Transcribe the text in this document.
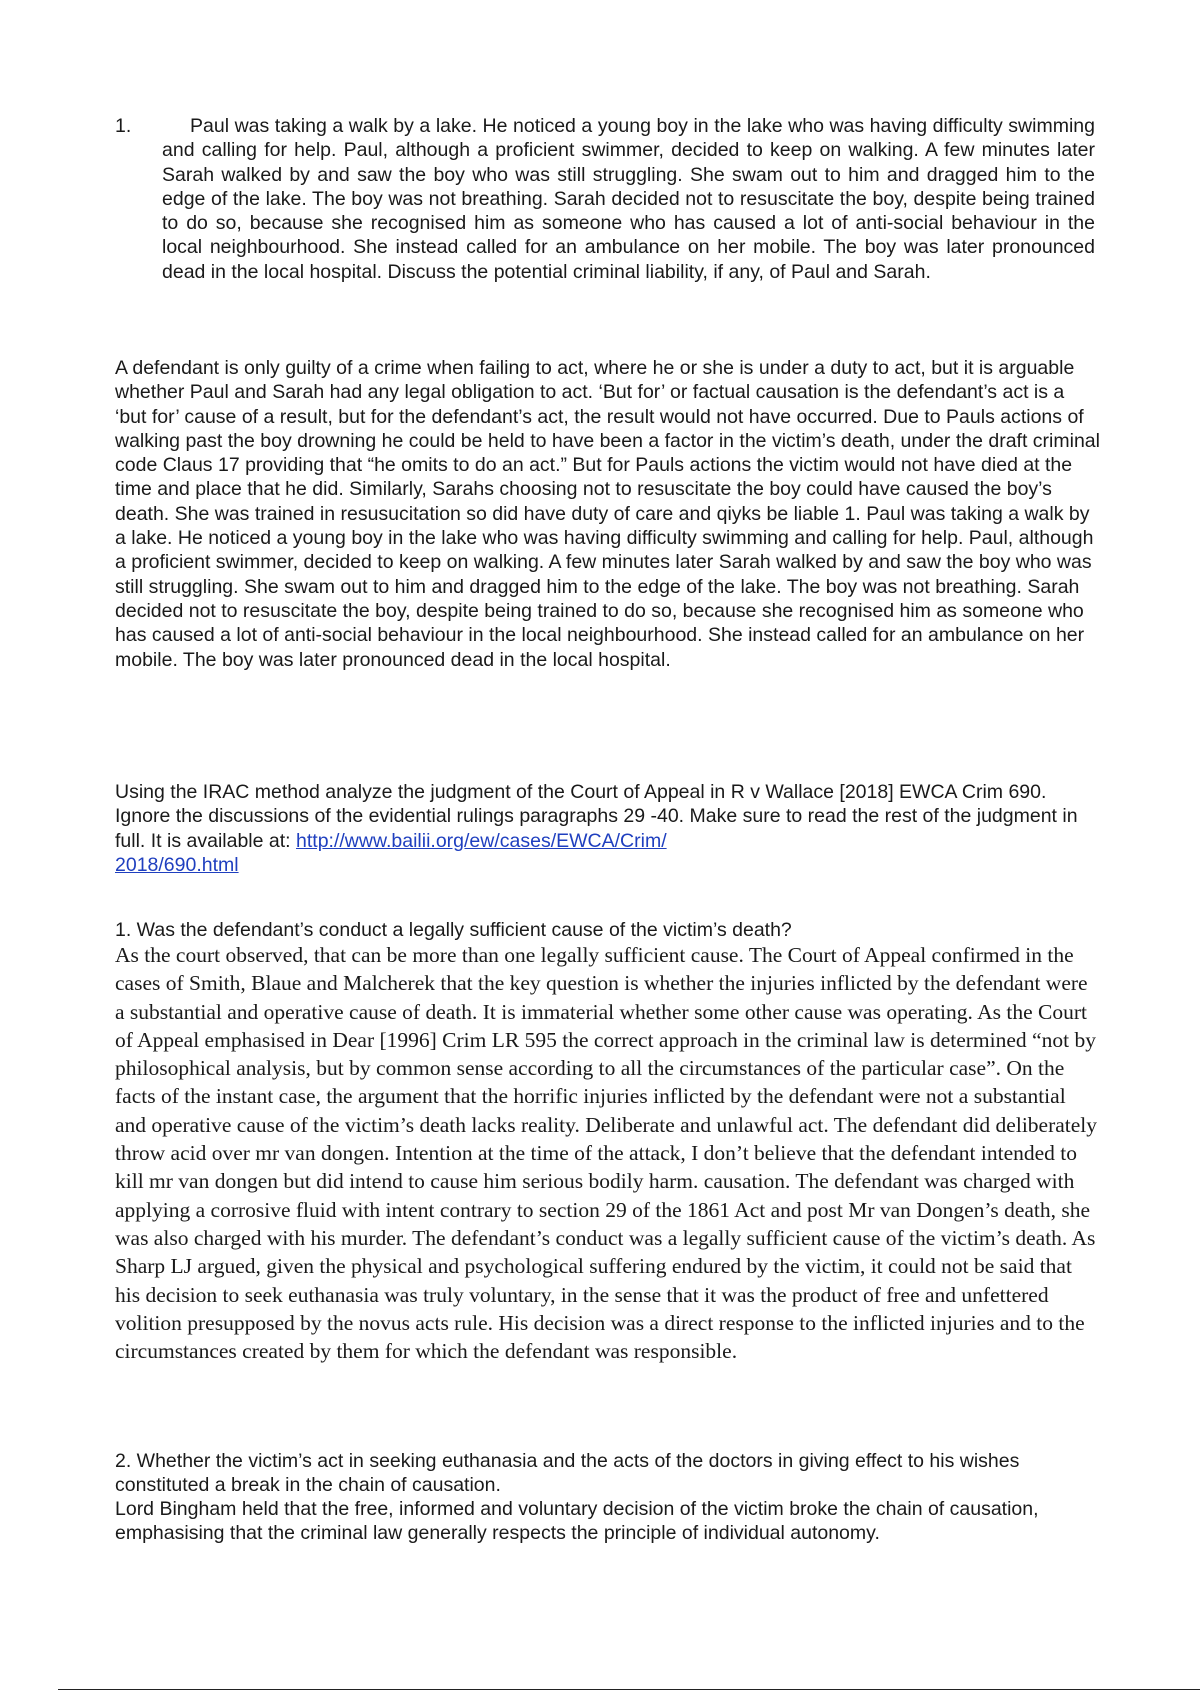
1.	Paul was taking a walk by a lake. He noticed a young boy in the lake who was having difficulty swimming and calling for help. Paul, although a proficient swimmer, decided to keep on walking. A few minutes later Sarah walked by and saw the boy who was still struggling. She swam out to him and dragged him to the edge of the lake. The boy was not breathing. Sarah decided not to resuscitate the boy, despite being trained to do so, because she recognised him as someone who has caused a lot of anti-social behaviour in the local neighbourhood. She instead called for an ambulance on her mobile. The boy was later pronounced dead in the local hospital. Discuss the potential criminal liability, if any, of Paul and Sarah.

A defendant is only guilty of a crime when failing to act, where he or she is under a duty to act, but it is arguable whether Paul and Sarah had any legal obligation to act. ‘But for’ or factual causation is the defendant’s act is a ‘but for’ cause of a result, but for the defendant’s act, the result would not have occurred. Due to Pauls actions of walking past the boy drowning he could be held to have been a factor in the victim’s death, under the draft criminal code Claus 17 providing that “he omits to do an act.” But for Pauls actions the victim would not have died at the time and place that he did. Similarly, Sarahs choosing not to resuscitate the boy could have caused the boy’s death. She was trained in resusucitation so did have duty of care and qiyks be liable 1. Paul was taking a walk by a lake. He noticed a young boy in the lake who was having difficulty swimming and calling for help. Paul, although a proficient swimmer, decided to keep on walking. A few minutes later Sarah walked by and saw the boy who was still struggling. She swam out to him and dragged him to the edge of the lake. The boy was not breathing. Sarah decided not to resuscitate the boy, despite being trained to do so, because she recognised him as someone who has caused a lot of anti-social behaviour in the local neighbourhood. She instead called for an ambulance on her mobile. The boy was later pronounced dead in the local hospital.

Using the IRAC method analyze the judgment of the Court of Appeal in R v Wallace [2018] EWCA Crim 690. Ignore the discussions of the evidential rulings paragraphs 29 -40. Make sure to read the rest of the judgment in full. It is available at: http://www.bailii.org/ew/cases/EWCA/Crim/
2018/690.html

1. Was the defendant’s conduct a legally sufficient cause of the victim’s death?

As the court observed, that can be more than one legally sufficient cause. The Court of Appeal confirmed in the cases of Smith, Blaue and Malcherek that the key question is whether the injuries inflicted by the defendant were a substantial and operative cause of death. It is immaterial whether some other cause was operating. As the Court of Appeal emphasised in Dear [1996] Crim LR 595 the correct approach in the criminal law is determined “not by philosophical analysis, but by common sense according to all the circumstances of the particular case”. On the facts of the instant case, the argument that the horrific injuries inflicted by the defendant were not a substantial and operative cause of the victim’s death lacks reality. Deliberate and unlawful act. The defendant did deliberately throw acid over mr van dongen. Intention at the time of the attack, I don’t believe that the defendant intended to kill mr van dongen but did intend to cause him serious bodily harm. causation. The defendant was charged with applying a corrosive fluid with intent contrary to section 29 of the 1861 Act and post Mr van Dongen’s death, she was also charged with his murder. The defendant’s conduct was a legally sufficient cause of the victim’s death. As Sharp LJ argued, given the physical and psychological suffering endured by the victim, it could not be said that his decision to seek euthanasia was truly voluntary, in the sense that it was the product of free and unfettered volition presupposed by the novus acts rule. His decision was a direct response to the inflicted injuries and to the circumstances created by them for which the defendant was responsible.

2. Whether the victim’s act in seeking euthanasia and the acts of the doctors in giving effect to his wishes constituted a break in the chain of causation.

Lord Bingham held that the free, informed and voluntary decision of the victim broke the chain of causation, emphasising that the criminal law generally respects the principle of individual autonomy.
